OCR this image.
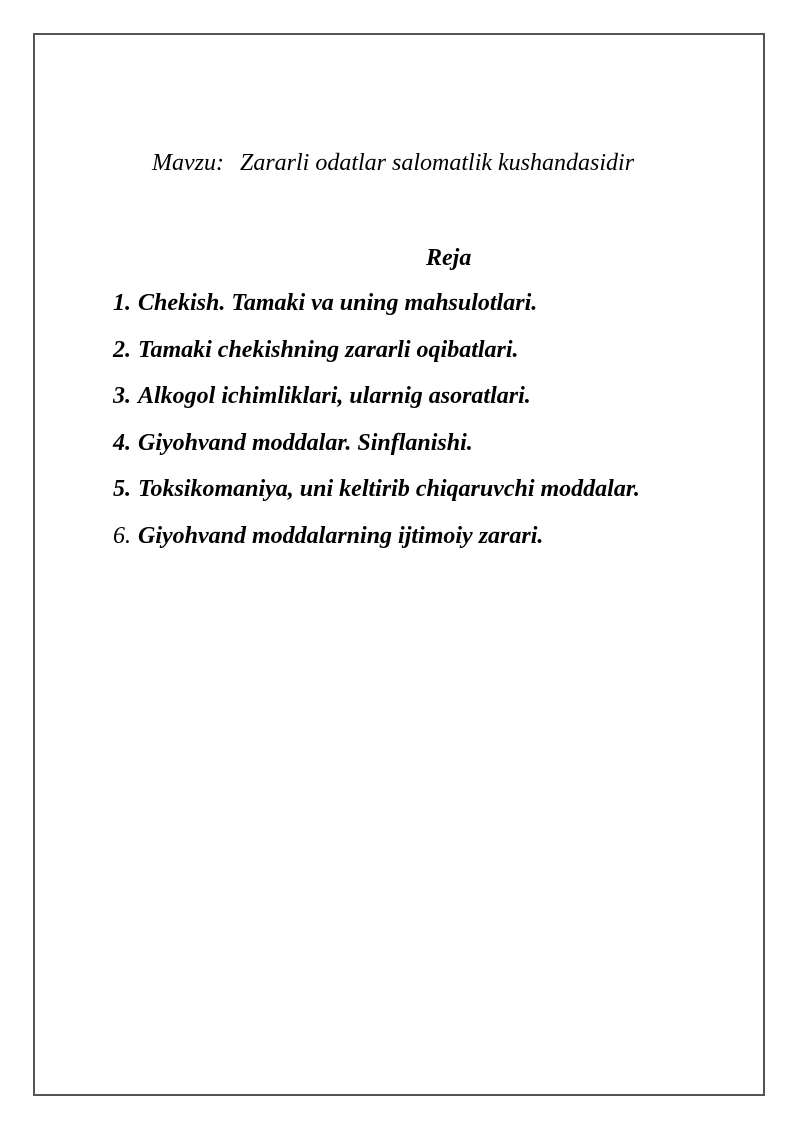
Mavzu: Zararli odatlar salomatlik kushandasidir
Reja
1. Chekish. Tamaki va uning mahsulotlari.
2. Tamaki chekishning zararli oqibatlari.
3. Alkogol ichimliklari, ularnig asoratlari.
4. Giyohvand moddalar. Sinflanishi.
5. Toksikomaniya, uni keltirib chiqaruvchi moddalar.
6. Giyohvand moddalarning ijtimoiy zarari.
